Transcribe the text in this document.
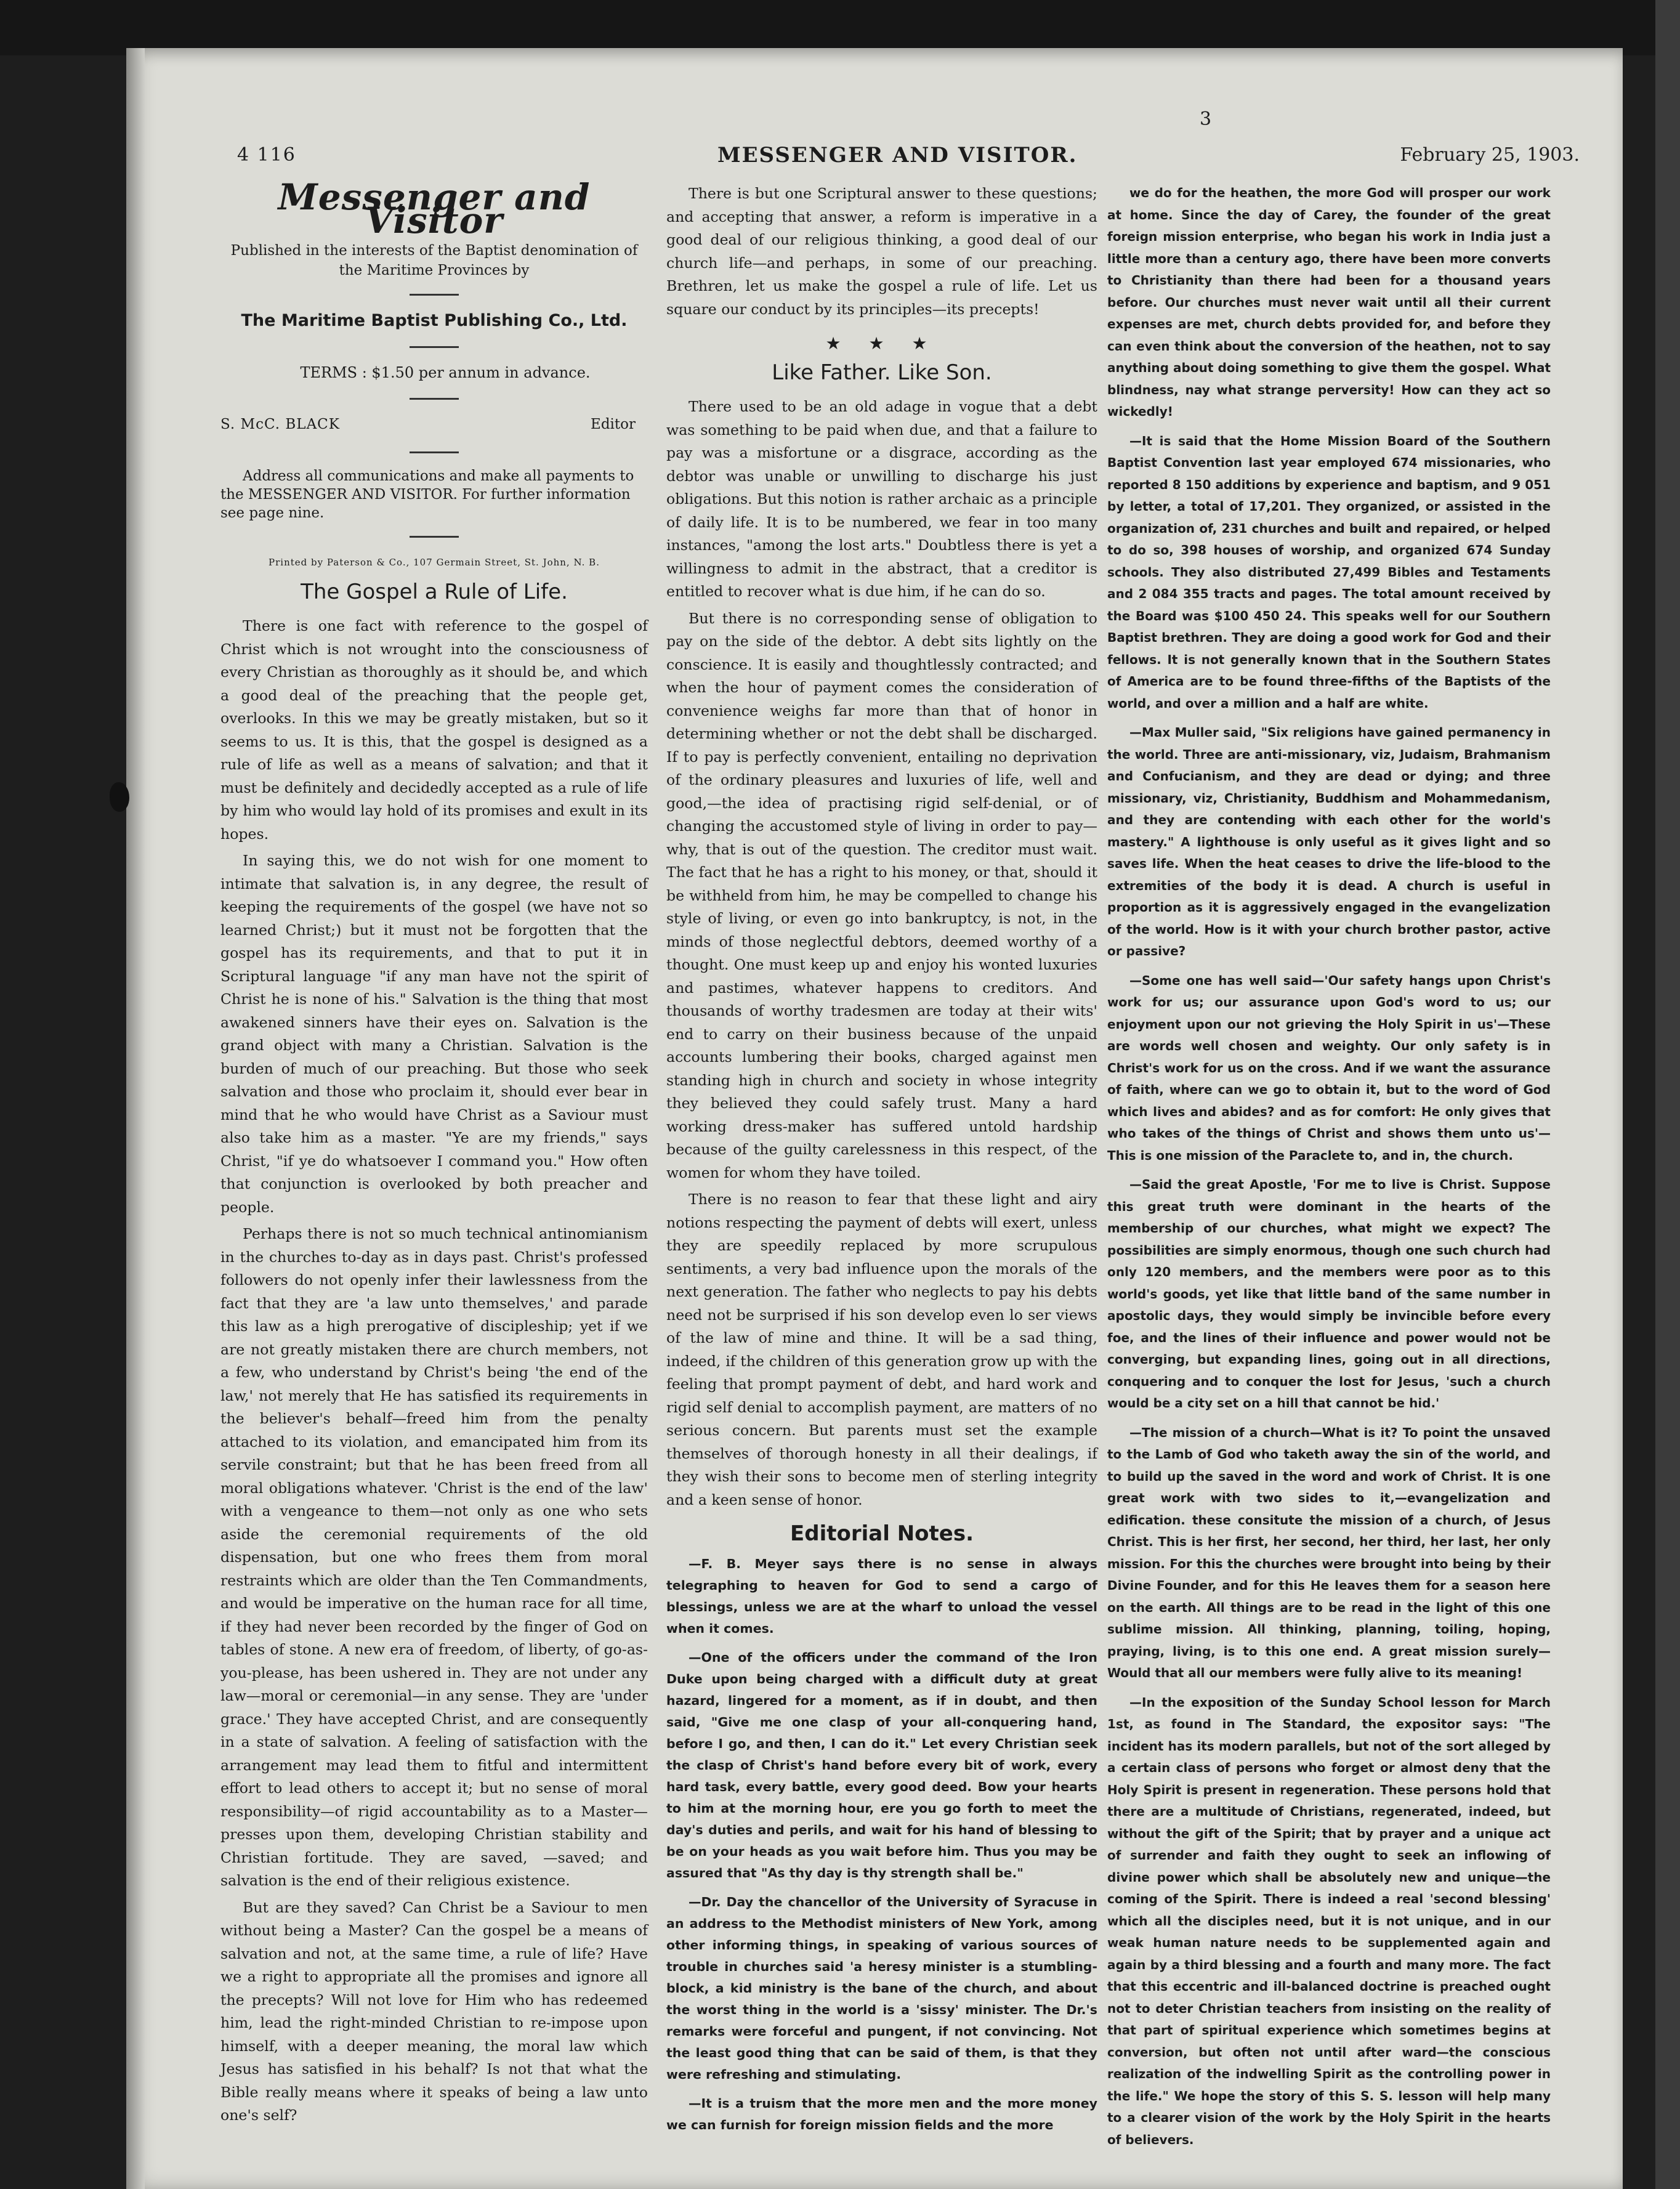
3
4 116	MESSENGER AND VISITOR.	February 25, 1903.
Messenger and Visitor

Published in the interests of the Baptist denomination of the Maritime Provinces by

The Maritime Baptist Publishing Co., Ltd.

TERMS : $1.50 per annum in advance.

S. McC. BLACK	Editor

Address all communications and make all payments to the MESSENGER AND VISITOR. For further information see page nine.

Printed by Paterson & Co., 107 Germain Street, St. John, N. B.

The Gospel a Rule of Life.

There is one fact with reference to the gospel of Christ which is not wrought into the consciousness of every Christian as thoroughly as it should be, and which a good deal of the preaching that the people get, overlooks. In this we may be greatly mistaken, but so it seems to us. It is this, that the gospel is designed as a rule of life as well as a means of salvation; and that it must be definitely and decidedly accepted as a rule of life by him who would lay hold of its promises and exult in its hopes.

In saying this, we do not wish for one moment to intimate that salvation is, in any degree, the result of keeping the requirements of the gospel (we have not so learned Christ;) but it must not be forgotten that the gospel has its requirements, and that to put it in Scriptural language "if any man have not the spirit of Christ he is none of his." Salvation is the thing that most awakened sinners have their eyes on. Salvation is the grand object with many a Christian. Salvation is the burden of much of our preaching. But those who seek salvation and those who proclaim it, should ever bear in mind that he who would have Christ as a Saviour must also take him as a master. "Ye are my friends," says Christ, "if ye do whatsoever I command you." How often that conjunction is overlooked by both preacher and people.

Perhaps there is not so much technical antinomianism in the churches to-day as in days past. Christ's professed followers do not openly infer their lawlessness from the fact that they are 'a law unto themselves,' and parade this law as a high prerogative of discipleship; yet if we are not greatly mistaken there are church members, not a few, who understand by Christ's being 'the end of the law,' not merely that He has satisfied its requirements in the believer's behalf—freed him from the penalty attached to its violation, and emancipated him from its servile constraint; but that he has been freed from all moral obligations whatever. 'Christ is the end of the law' with a vengeance to them—not only as one who sets aside the ceremonial requirements of the old dispensation, but one who frees them from moral restraints which are older than the Ten Commandments, and would be imperative on the human race for all time, if they had never been recorded by the finger of God on tables of stone. A new era of freedom, of liberty, of go-as-you-please, has been ushered in. They are not under any law—moral or ceremonial—in any sense. They are 'under grace.' They have accepted Christ, and are consequently in a state of salvation. A feeling of satisfaction with the arrangement may lead them to fitful and intermittent effort to lead others to accept it; but no sense of moral responsibility—of rigid accountability as to a Master—presses upon them, developing Christian stability and Christian fortitude. They are saved, —saved; and salvation is the end of their religious existence.

But are they saved? Can Christ be a Saviour to men without being a Master? Can the gospel be a means of salvation and not, at the same time, a rule of life? Have we a right to appropriate all the promises and ignore all the precepts? Will not love for Him who has redeemed him, lead the right-minded Christian to re-impose upon himself, with a deeper meaning, the moral law which Jesus has satisfied in his behalf? Is not that what the Bible really means where it speaks of being a law unto one's self?

There is but one Scriptural answer to these questions; and accepting that answer, a reform is imperative in a good deal of our religious thinking, a good deal of our church life—and perhaps, in some of our preaching. Brethren, let us make the gospel a rule of life. Let us square our conduct by its principles—its precepts!

★ ★ ★
Like Father. Like Son.

There used to be an old adage in vogue that a debt was something to be paid when due, and that a failure to pay was a misfortune or a disgrace, according as the debtor was unable or unwilling to discharge his just obligations. But this notion is rather archaic as a principle of daily life. It is to be numbered, we fear in too many instances, "among the lost arts." Doubtless there is yet a willingness to admit in the abstract, that a creditor is entitled to recover what is due him, if he can do so.

But there is no corresponding sense of obligation to pay on the side of the debtor. A debt sits lightly on the conscience. It is easily and thoughtlessly contracted; and when the hour of payment comes the consideration of convenience weighs far more than that of honor in determining whether or not the debt shall be discharged. If to pay is perfectly convenient, entailing no deprivation of the ordinary pleasures and luxuries of life, well and good,—the idea of practising rigid self-denial, or of changing the accustomed style of living in order to pay—why, that is out of the question. The creditor must wait. The fact that he has a right to his money, or that, should it be withheld from him, he may be compelled to change his style of living, or even go into bankruptcy, is not, in the minds of those neglectful debtors, deemed worthy of a thought. One must keep up and enjoy his wonted luxuries and pastimes, whatever happens to creditors. And thousands of worthy tradesmen are today at their wits' end to carry on their business because of the unpaid accounts lumbering their books, charged against men standing high in church and society in whose integrity they believed they could safely trust. Many a hard working dress-maker has suffered untold hardship because of the guilty carelessness in this respect, of the women for whom they have toiled.

There is no reason to fear that these light and airy notions respecting the payment of debts will exert, unless they are speedily replaced by more scrupulous sentiments, a very bad influence upon the morals of the next generation. The father who neglects to pay his debts need not be surprised if his son develop even lo ser views of the law of mine and thine. It will be a sad thing, indeed, if the children of this generation grow up with the feeling that prompt payment of debt, and hard work and rigid self denial to accomplish payment, are matters of no serious concern. But parents must set the example themselves of thorough honesty in all their dealings, if they wish their sons to become men of sterling integrity and a keen sense of honor.

Editorial Notes.

—F. B. Meyer says there is no sense in always telegraphing to heaven for God to send a cargo of blessings, unless we are at the wharf to unload the vessel when it comes.

—One of the officers under the command of the Iron Duke upon being charged with a difficult duty at great hazard, lingered for a moment, as if in doubt, and then said, "Give me one clasp of your all-conquering hand, before I go, and then, I can do it." Let every Christian seek the clasp of Christ's hand before every bit of work, every hard task, every battle, every good deed. Bow your hearts to him at the morning hour, ere you go forth to meet the day's duties and perils, and wait for his hand of blessing to be on your heads as you wait before him. Thus you may be assured that "As thy day is thy strength shall be."

—Dr. Day the chancellor of the University of Syracuse in an address to the Methodist ministers of New York, among other informing things, in speaking of various sources of trouble in churches said 'a heresy minister is a stumbling-block, a kid ministry is the bane of the church, and about the worst thing in the world is a 'sissy' minister. The Dr.'s remarks were forceful and pungent, if not convincing. Not the least good thing that can be said of them, is that they were refreshing and stimulating.

—It is a truism that the more men and the more money we can furnish for foreign mission fields and the more

we do for the heathen, the more God will prosper our work at home. Since the day of Carey, the founder of the great foreign mission enterprise, who began his work in India just a little more than a century ago, there have been more converts to Christianity than there had been for a thousand years before. Our churches must never wait until all their current expenses are met, church debts provided for, and before they can even think about the conversion of the heathen, not to say anything about doing something to give them the gospel. What blindness, nay what strange perversity! How can they act so wickedly!

—It is said that the Home Mission Board of the Southern Baptist Convention last year employed 674 missionaries, who reported 8 150 additions by experience and baptism, and 9 051 by letter, a total of 17,201. They organized, or assisted in the organization of, 231 churches and built and repaired, or helped to do so, 398 houses of worship, and organized 674 Sunday schools. They also distributed 27,499 Bibles and Testaments and 2 084 355 tracts and pages. The total amount received by the Board was $100 450 24. This speaks well for our Southern Baptist brethren. They are doing a good work for God and their fellows. It is not generally known that in the Southern States of America are to be found three-fifths of the Baptists of the world, and over a million and a half are white.

—Max Muller said, "Six religions have gained permanency in the world. Three are anti-missionary, viz, Judaism, Brahmanism and Confucianism, and they are dead or dying; and three missionary, viz, Christianity, Buddhism and Mohammedanism, and they are contending with each other for the world's mastery." A lighthouse is only useful as it gives light and so saves life. When the heat ceases to drive the life-blood to the extremities of the body it is dead. A church is useful in proportion as it is aggressively engaged in the evangelization of the world. How is it with your church brother pastor, active or passive?

—Some one has well said—'Our safety hangs upon Christ's work for us; our assurance upon God's word to us; our enjoyment upon our not grieving the Holy Spirit in us'—These are words well chosen and weighty. Our only safety is in Christ's work for us on the cross. And if we want the assurance of faith, where can we go to obtain it, but to the word of God which lives and abides? and as for comfort: He only gives that who takes of the things of Christ and shows them unto us'—This is one mission of the Paraclete to, and in, the church.

—Said the great Apostle, 'For me to live is Christ. Suppose this great truth were dominant in the hearts of the membership of our churches, what might we expect? The possibilities are simply enormous, though one such church had only 120 members, and the members were poor as to this world's goods, yet like that little band of the same number in apostolic days, they would simply be invincible before every foe, and the lines of their influence and power would not be converging, but expanding lines, going out in all directions, conquering and to conquer the lost for Jesus, 'such a church would be a city set on a hill that cannot be hid.'

—The mission of a church—What is it? To point the unsaved to the Lamb of God who taketh away the sin of the world, and to build up the saved in the word and work of Christ. It is one great work with two sides to it,—evangelization and edification. these consitute the mission of a church, of Jesus Christ. This is her first, her second, her third, her last, her only mission. For this the churches were brought into being by their Divine Founder, and for this He leaves them for a season here on the earth. All things are to be read in the light of this one sublime mission. All thinking, planning, toiling, hoping, praying, living, is to this one end. A great mission surely—Would that all our members were fully alive to its meaning!

—In the exposition of the Sunday School lesson for March 1st, as found in The Standard, the expositor says: "The incident has its modern parallels, but not of the sort alleged by a certain class of persons who forget or almost deny that the Holy Spirit is present in regeneration. These persons hold that there are a multitude of Christians, regenerated, indeed, but without the gift of the Spirit; that by prayer and a unique act of surrender and faith they ought to seek an inflowing of divine power which shall be absolutely new and unique—the coming of the Spirit. There is indeed a real 'second blessing' which all the disciples need, but it is not unique, and in our weak human nature needs to be supplemented again and again by a third blessing and a fourth and many more. The fact that this eccentric and ill-balanced doctrine is preached ought not to deter Christian teachers from insisting on the reality of that part of spiritual experience which sometimes begins at conversion, but often not until after ward—the conscious realization of the indwelling Spirit as the controlling power in the life." We hope the story of this S. S. lesson will help many to a clearer vision of the work by the Holy Spirit in the hearts of believers.
